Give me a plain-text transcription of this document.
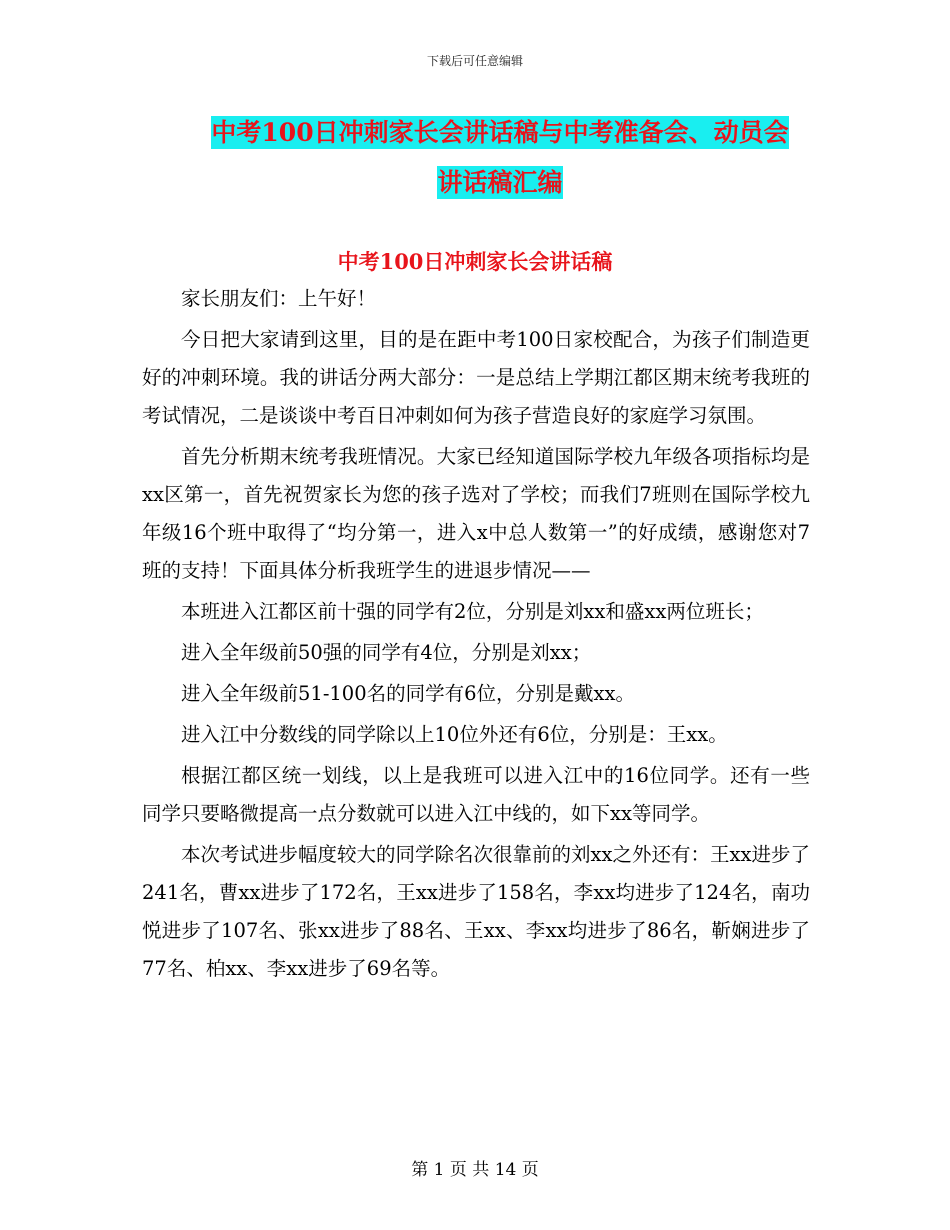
下载后可任意编辑
中考100日冲刺家长会讲话稿与中考准备会、动员会
讲话稿汇编
中考100日冲刺家长会讲话稿

家长朋友们：上午好！

今日把大家请到这里，目的是在距中考100日家校配合，为孩子们制造更好的冲刺环境。我的讲话分两大部分：一是总结上学期江都区期末统考我班的考试情况，二是谈谈中考百日冲刺如何为孩子营造良好的家庭学习氛围。

首先分析期末统考我班情况。大家已经知道国际学校九年级各项指标均是xx区第一，首先祝贺家长为您的孩子选对了学校；而我们7班则在国际学校九年级16个班中取得了“均分第一，进入x中总人数第一”的好成绩，感谢您对7班的支持！下面具体分析我班学生的进退步情况——

本班进入江都区前十强的同学有2位，分别是刘xx和盛xx两位班长；

进入全年级前50强的同学有4位，分别是刘xx；

进入全年级前51-100名的同学有6位，分别是戴xx。

进入江中分数线的同学除以上10位外还有6位，分别是：王xx。

根据江都区统一划线，以上是我班可以进入江中的16位同学。还有一些同学只要略微提高一点分数就可以进入江中线的，如下xx等同学。

本次考试进步幅度较大的同学除名次很靠前的刘xx之外还有：王xx进步了241名，曹xx进步了172名，王xx进步了158名，李xx均进步了124名，南功悦进步了107名、张xx进步了88名、王xx、李xx均进步了86名，靳娴进步了77名、柏xx、李xx进步了69名等。

第 1 页 共 14 页
